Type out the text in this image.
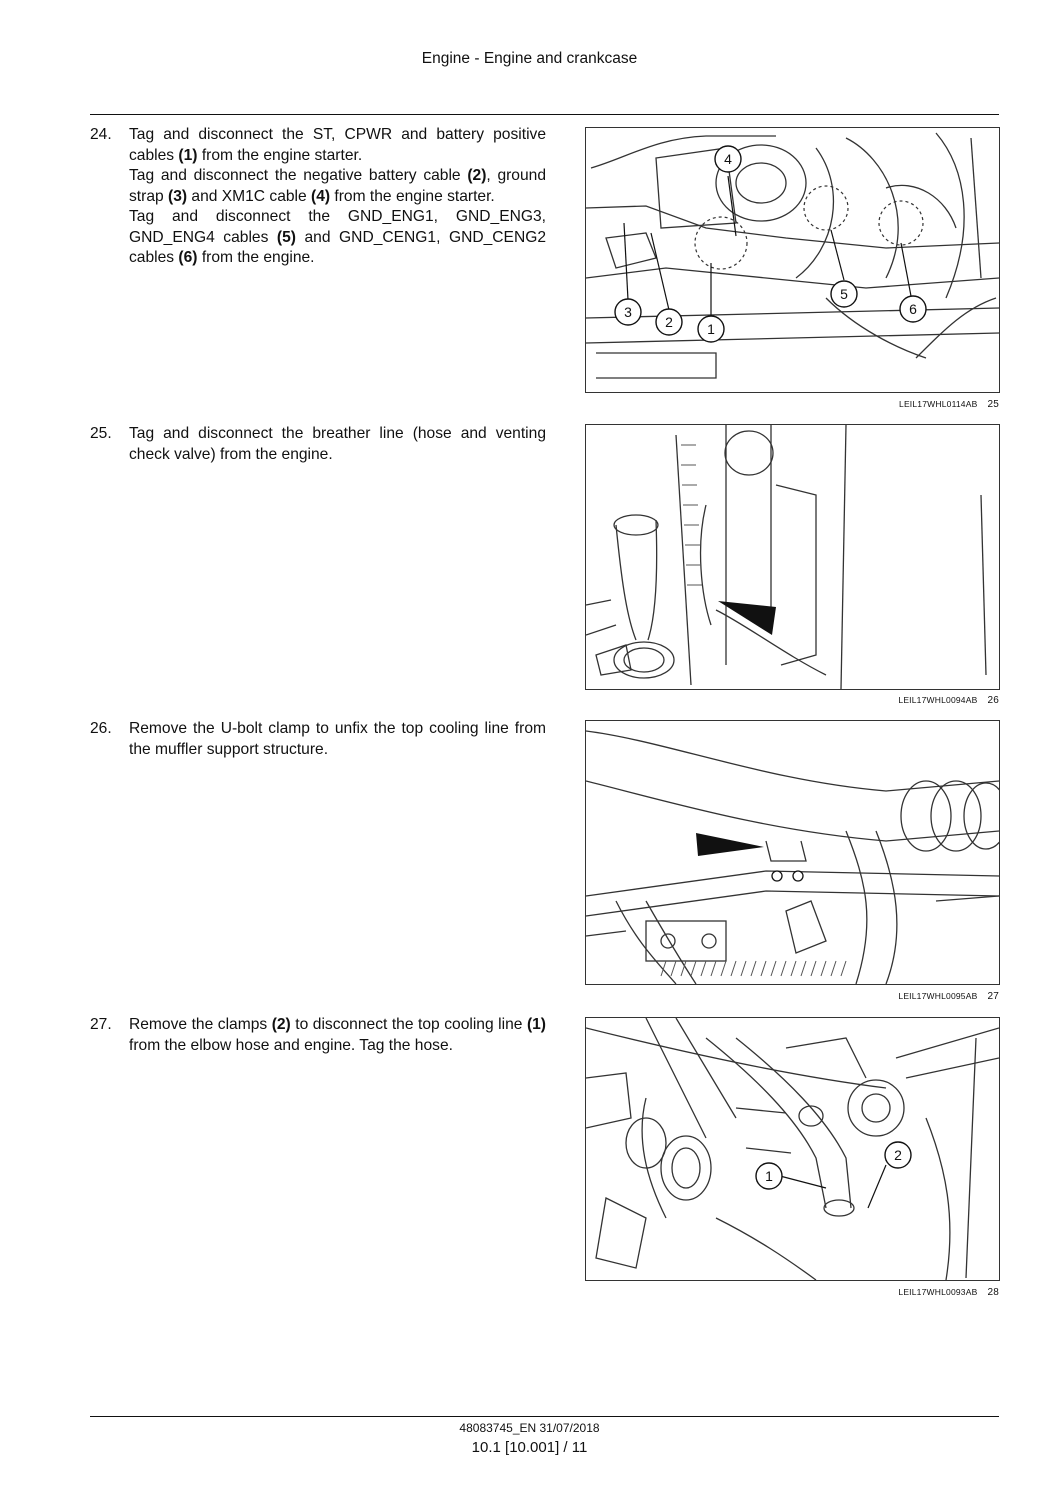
Engine - Engine and crankcase
24. Tag and disconnect the ST, CPWR and battery positive cables (1) from the engine starter.

Tag and disconnect the negative battery cable (2), ground strap (3) and XM1C cable (4) from the engine starter.

Tag and disconnect the GND_ENG1, GND_ENG3, GND_ENG4 cables (5) and GND_CENG1, GND_CENG2 cables (6) from the engine.

1
2
3
4
5
6
LEIL17WHL0114AB 25
25. Tag and disconnect the breather line (hose and venting check valve) from the engine.
LEIL17WHL0094AB 26
26. Remove the U-bolt clamp to unfix the top cooling line from the muffler support structure.
LEIL17WHL0095AB 27
27. Remove the clamps (2) to disconnect the top cooling line (1) from the elbow hose and engine. Tag the hose.
1
2
LEIL17WHL0093AB 28
48083745_EN 31/07/2018
10.1 [10.001] / 11
